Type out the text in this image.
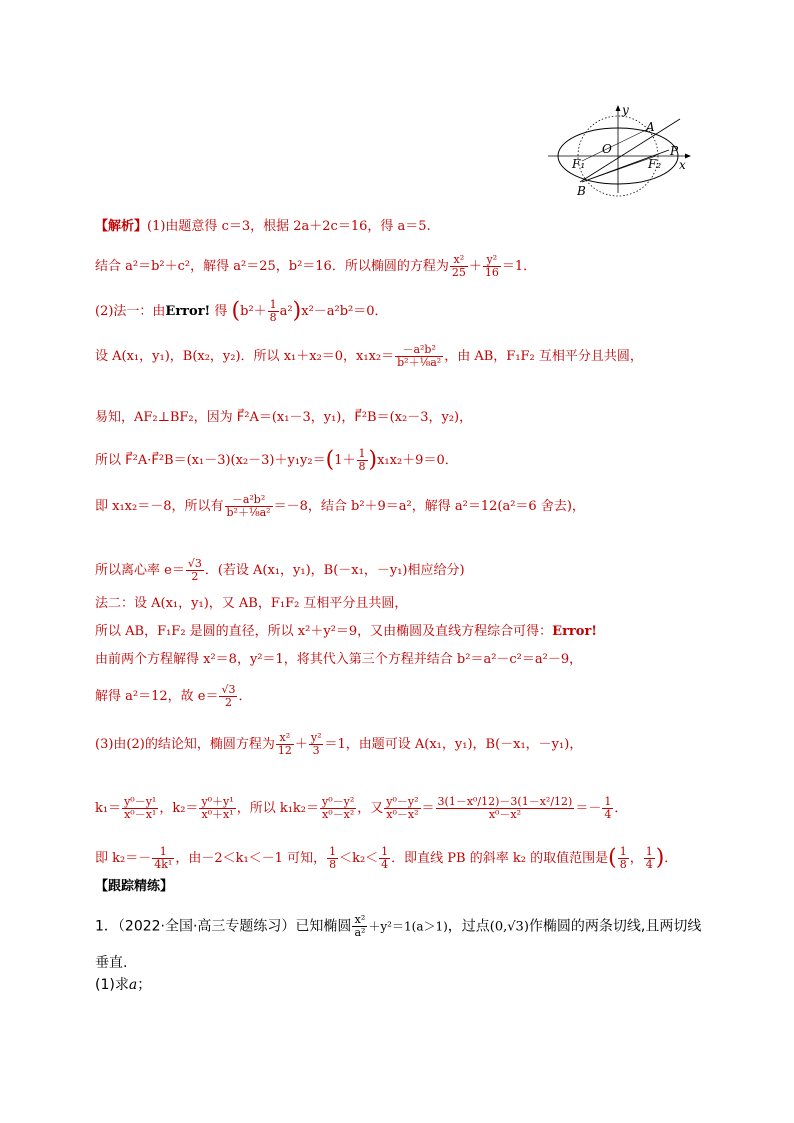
y
x
O
A
B
P
F₁	F₂
【解析】(1)由题意得 c＝3，根据 2a＋2c＝16，得 a＝5.
结合 a²＝b²＋c²，解得 a²＝25，b²＝16．所以椭圆的方程为 $\frac{\text{x²}}{25} + \frac{\text{y²}}{16} =1$．
(2)法一：由Error! 得 $(b^2+ \frac{1}{8} a^2)x^2-a^2b^2=0$．
设 A(x₁，y₁)，B(x₂，y₂)．所以 x₁＋x₂＝0，$x_1x_2= \frac{\text{－a²b²}}{\text{b²＋⅛a²}}$ ，由 AB，F₁F₂ 互相平分且共圆，
易知，AF₂⊥BF₂，因为 F⃗²A＝(x₁－3，y₁)，F⃗²B＝(x₂－3，y₂)，
所以 F⃗²A·F⃗²B＝(x₁－3)(x₂－3)＋y₁y₂＝(1＋ $\frac{1}{8} )x_1x_2+9=0$．
即 x₁x₂＝－8，所以有 $\frac{\text{－a²b²}}{\text{b²＋⅛a²}} =-8$，结合 b²＋9＝a²，解得 a²＝12(a²＝6 舍去)，
所以离心率 $e= \frac{√3}{2}$ ．(若设 A(x₁，y₁)，B(－x₁，－y₁)相应给分)
法二：设 A(x₁，y₁)，又 AB，F₁F₂ 互相平分且共圆，
所以 AB，F₁F₂ 是圆的直径，所以 x²＋y²＝9，又由椭圆及直线方程综合可得：Error!
由前两个方程解得 x²＝8，y²＝1，将其代入第三个方程并结合 b²＝a²－c²＝a²－9，
解得 a²＝12，故 $e= \frac{√3}{2}$ ．
(3)由(2)的结论知，椭圆方程为 $\frac{\text{x²}}{12} + \frac{\text{y²}}{3} =1$，由题可设 A(x₁，y₁)，B(－x₁，－y₁)，
$k_1= \frac{\text{y⁰－y¹}}{\text{x⁰－x¹}}$ ，$k_2= \frac{\text{y⁰＋y¹}}{\text{x⁰＋x¹}}$ ，所以 $k_1k_2= \frac{\text{y⁰－y²}}{\text{x⁰－x²}}$ ，又 $\frac{\text{y⁰－y²}}{\text{x⁰－x²}} = \frac{\text{3(1－x⁰/12)－3(1－x²/12)}}{\text{x⁰－x²}} =- \frac{1}{4}$ ．
即 $k_2=- \frac{1}{\text{4k¹}}$ ，由－2＜k₁＜－1 可知， $\frac{1}{8} <k_2< \frac{1}{4}$ ．即直线 PB 的斜率 k₂ 的取值范围是( $\frac{1}{8}$ ， $\frac{1}{4}$ )．
【跟踪精练】
1．（2022·全国·高三专题练习）已知椭圆 $\frac{\text{x²}}{\text{a²}} +y^2=1(a>1)$，过点(0,√3)作椭圆的两条切线,且两切线
垂直.
(1)求a；
